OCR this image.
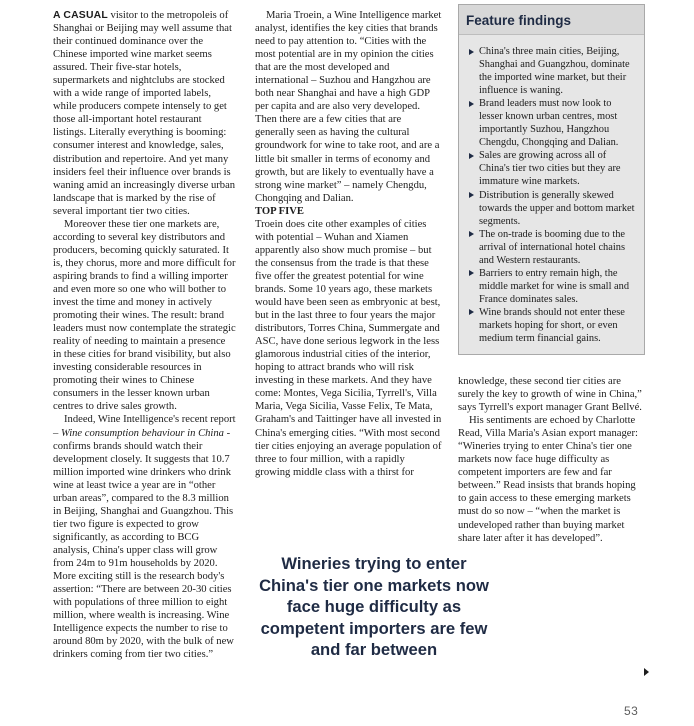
A CASUAL visitor to the metropoleis of Shanghai or Beijing may well assume that their continued dominance over the Chinese imported wine market seems assured. Their five-star hotels, supermarkets and nightclubs are stocked with a wide range of imported labels, while producers compete intensely to get those all-important hotel restaurant listings. Literally everything is booming: consumer interest and knowledge, sales, distribution and repertoire. And yet many insiders feel their influence over brands is waning amid an increasingly diverse urban landscape that is marked by the rise of several important tier two cities.

Moreover these tier one markets are, according to several key distributors and producers, becoming quickly saturated. It is, they chorus, more and more difficult for aspiring brands to find a willing importer and even more so one who will bother to invest the time and money in actively promoting their wines. The result: brand leaders must now contemplate the strategic reality of needing to maintain a presence in these cities for brand visibility, but also investing considerable resources in promoting their wines to Chinese consumers in the lesser known urban centres to drive sales growth.

Indeed, Wine Intelligence's recent report – Wine consumption behaviour in China - confirms brands should watch their development closely. It suggests that 10.7 million imported wine drinkers who drink wine at least twice a year are in “other urban areas”, compared to the 8.3 million in Beijing, Shanghai and Guangzhou. This tier two figure is expected to grow significantly, as according to BCG analysis, China's upper class will grow from 24m to 91m households by 2020. More exciting still is the research body's assertion: “There are between 20-30 cities with populations of three million to eight million, where wealth is increasing. Wine Intelligence expects the number to rise to around 80m by 2020, with the bulk of new drinkers coming from tier two cities.”

Maria Troein, a Wine Intelligence market analyst, identifies the key cities that brands need to pay attention to. “Cities with the most potential are in my opinion the cities that are the most developed and international – Suzhou and Hangzhou are both near Shanghai and have a high GDP per capita and are also very developed. Then there are a few cities that are generally seen as having the cultural groundwork for wine to take root, and are a little bit smaller in terms of economy and growth, but are likely to eventually have a strong wine market” – namely Chengdu, Chongqing and Dalian.

TOP FIVE

Troein does cite other examples of cities with potential – Wuhan and Xiamen apparently also show much promise – but the consensus from the trade is that these five offer the greatest potential for wine brands. Some 10 years ago, these markets would have been seen as embryonic at best, but in the last three to four years the major distributors, Torres China, Summergate and ASC, have done serious legwork in the less glamorous industrial cities of the interior, hoping to attract brands who will risk investing in these markets. And they have come: Montes, Vega Sicilia, Tyrrell's, Villa Maria, Vega Sicilia, Vasse Felix, Te Mata, Graham's and Taittinger have all invested in China's emerging cities. “With most second tier cities enjoying an average population of three to four million, with a rapidly growing middle class with a thirst for

Feature findings
China's three main cities, Beijing, Shanghai and Guangzhou, dominate the imported wine market, but their influence is waning.
Brand leaders must now look to lesser known urban centres, most importantly Suzhou, Hangzhou Chengdu, Chongqing and Dalian.
Sales are growing across all of China's tier two cities but they are immature wine markets.
Distribution is generally skewed towards the upper and bottom market segments.
The on-trade is booming due to the arrival of international hotel chains and Western restaurants.
Barriers to entry remain high, the middle market for wine is small and France dominates sales.
Wine brands should not enter these markets hoping for short, or even medium term financial gains.

knowledge, these second tier cities are surely the key to growth of wine in China,” says Tyrrell's export manager Grant Bellvé.

His sentiments are echoed by Charlotte Read, Villa Maria's Asian export manager: “Wineries trying to enter China's tier one markets now face huge difficulty as competent importers are few and far between.” Read insists that brands hoping to gain access to these emerging markets must do so now – “when the market is undeveloped rather than buying market share later after it has developed”.

Wineries trying to enter China's tier one markets now face huge difficulty as competent importers are few and far between
53
